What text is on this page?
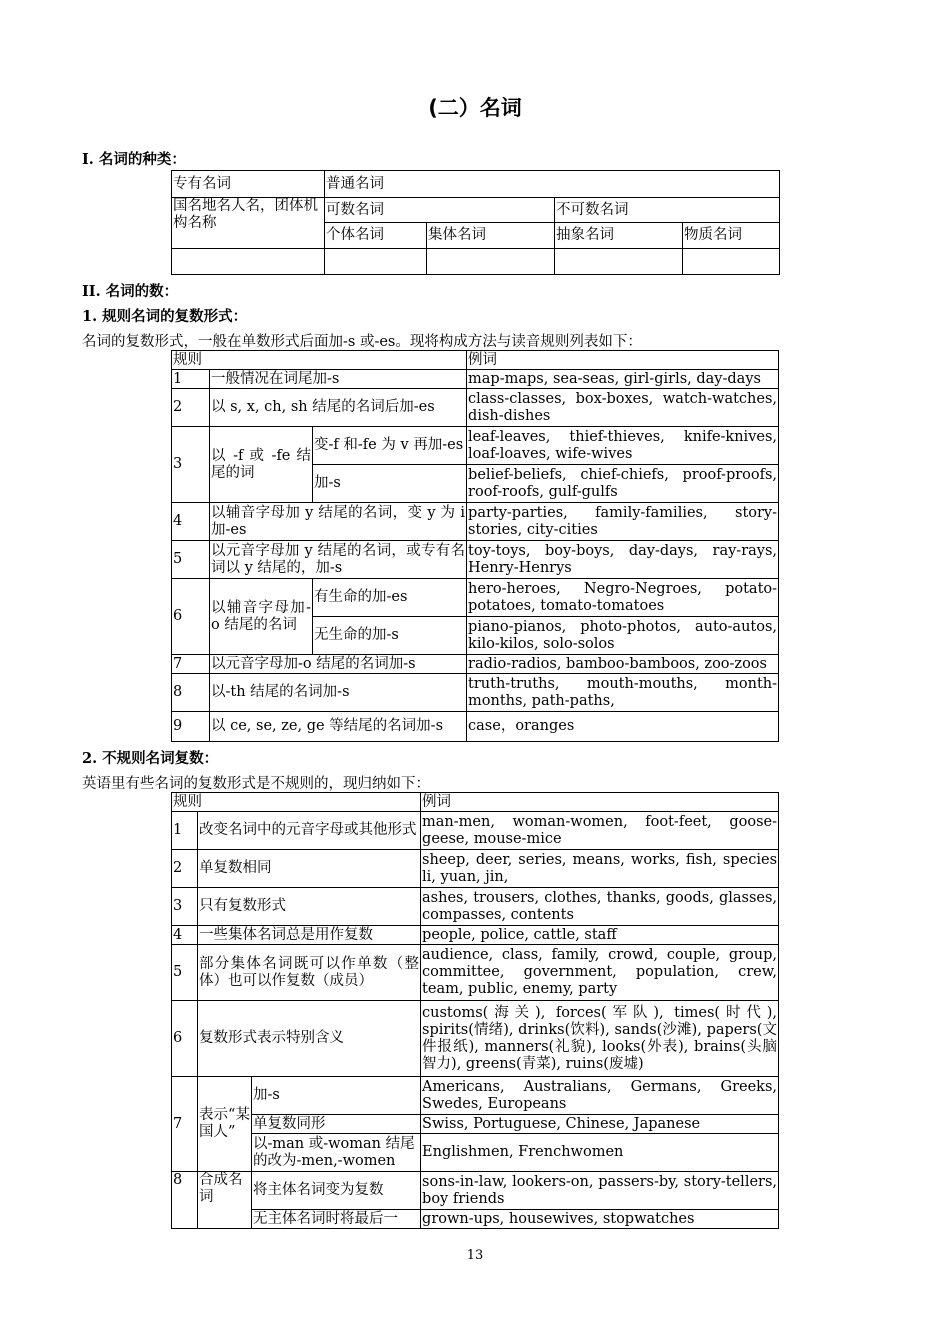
(二）名词
I. 名词的种类：
专有名词	普通名词			
国名地名人名，团体机构名称	可数名词		不可数名词	
	个体名词	集体名词	抽象名词	物质名词

II. 名词的数：
1. 规则名词的复数形式：
名词的复数形式，一般在单数形式后面加-s 或-es。现将构成方法与读音规则列表如下：
规则			例词
1	一般情况在词尾加-s		map-maps, sea-seas, girl-girls, day-days
2	以 s, x, ch, sh 结尾的名词后加-es		class-classes, box-boxes, watch-watches, dish-dishes
3	以 -f 或 -fe 结尾的词	变-f 和-fe 为 v 再加-es	leaf-leaves, thief-thieves, knife-knives, loaf-loaves, wife-wives
		加-s	belief-beliefs, chief-chiefs, proof-proofs, roof-roofs, gulf-gulfs
4	以辅音字母加 y 结尾的名词，变 y 为 i 加-es		party-parties, family-families, story-stories, city-cities
5	以元音字母加 y 结尾的名词，或专有名词以 y 结尾的，加-s		toy-toys, boy-boys, day-days, ray-rays, Henry-Henrys
6	以辅音字母加-o 结尾的名词	有生命的加-es	hero-heroes, Negro-Negroes, potato-potatoes, tomato-tomatoes
		无生命的加-s	piano-pianos, photo-photos, auto-autos, kilo-kilos, solo-solos
7	以元音字母加-o 结尾的名词加-s		radio-radios, bamboo-bamboos, zoo-zoos
8	以-th 结尾的名词加-s		truth-truths, mouth-mouths, month-months, path-paths,
9	以 ce, se, ze, ge 等结尾的名词加-s		case，oranges
2. 不规则名词复数：
英语里有些名词的复数形式是不规则的，现归纳如下：
规则			例词
1	改变名词中的元音字母或其他形式		man-men, woman-women, foot-feet, goose-geese, mouse-mice
2	单复数相同		sheep, deer, series, means, works, fish, species li, yuan, jin,
3	只有复数形式		ashes, trousers, clothes, thanks, goods, glasses, compasses, contents
4	一些集体名词总是用作复数		people, police, cattle, staff
5	部分集体名词既可以作单数（整体）也可以作复数（成员）		audience, class, family, crowd, couple, group, committee, government, population, crew, team, public, enemy, party
6	复数形式表示特别含义		customs(海关), forces(军队), times(时代), spirits(情绪), drinks(饮料), sands(沙滩), papers(文件报纸), manners(礼貌), looks(外表), brains(头脑智力), greens(青菜), ruins(废墟)
7	表示“某国人”	加-s	Americans, Australians, Germans, Greeks, Swedes, Europeans
		单复数同形	Swiss, Portuguese, Chinese, Japanese
		以-man 或-woman 结尾的改为-men,-women	Englishmen, Frenchwomen
8	合成名词	将主体名词变为复数	sons-in-law, lookers-on, passers-by, story-tellers, boy friends
		无主体名词时将最后一	grown-ups, housewives, stopwatches
13
